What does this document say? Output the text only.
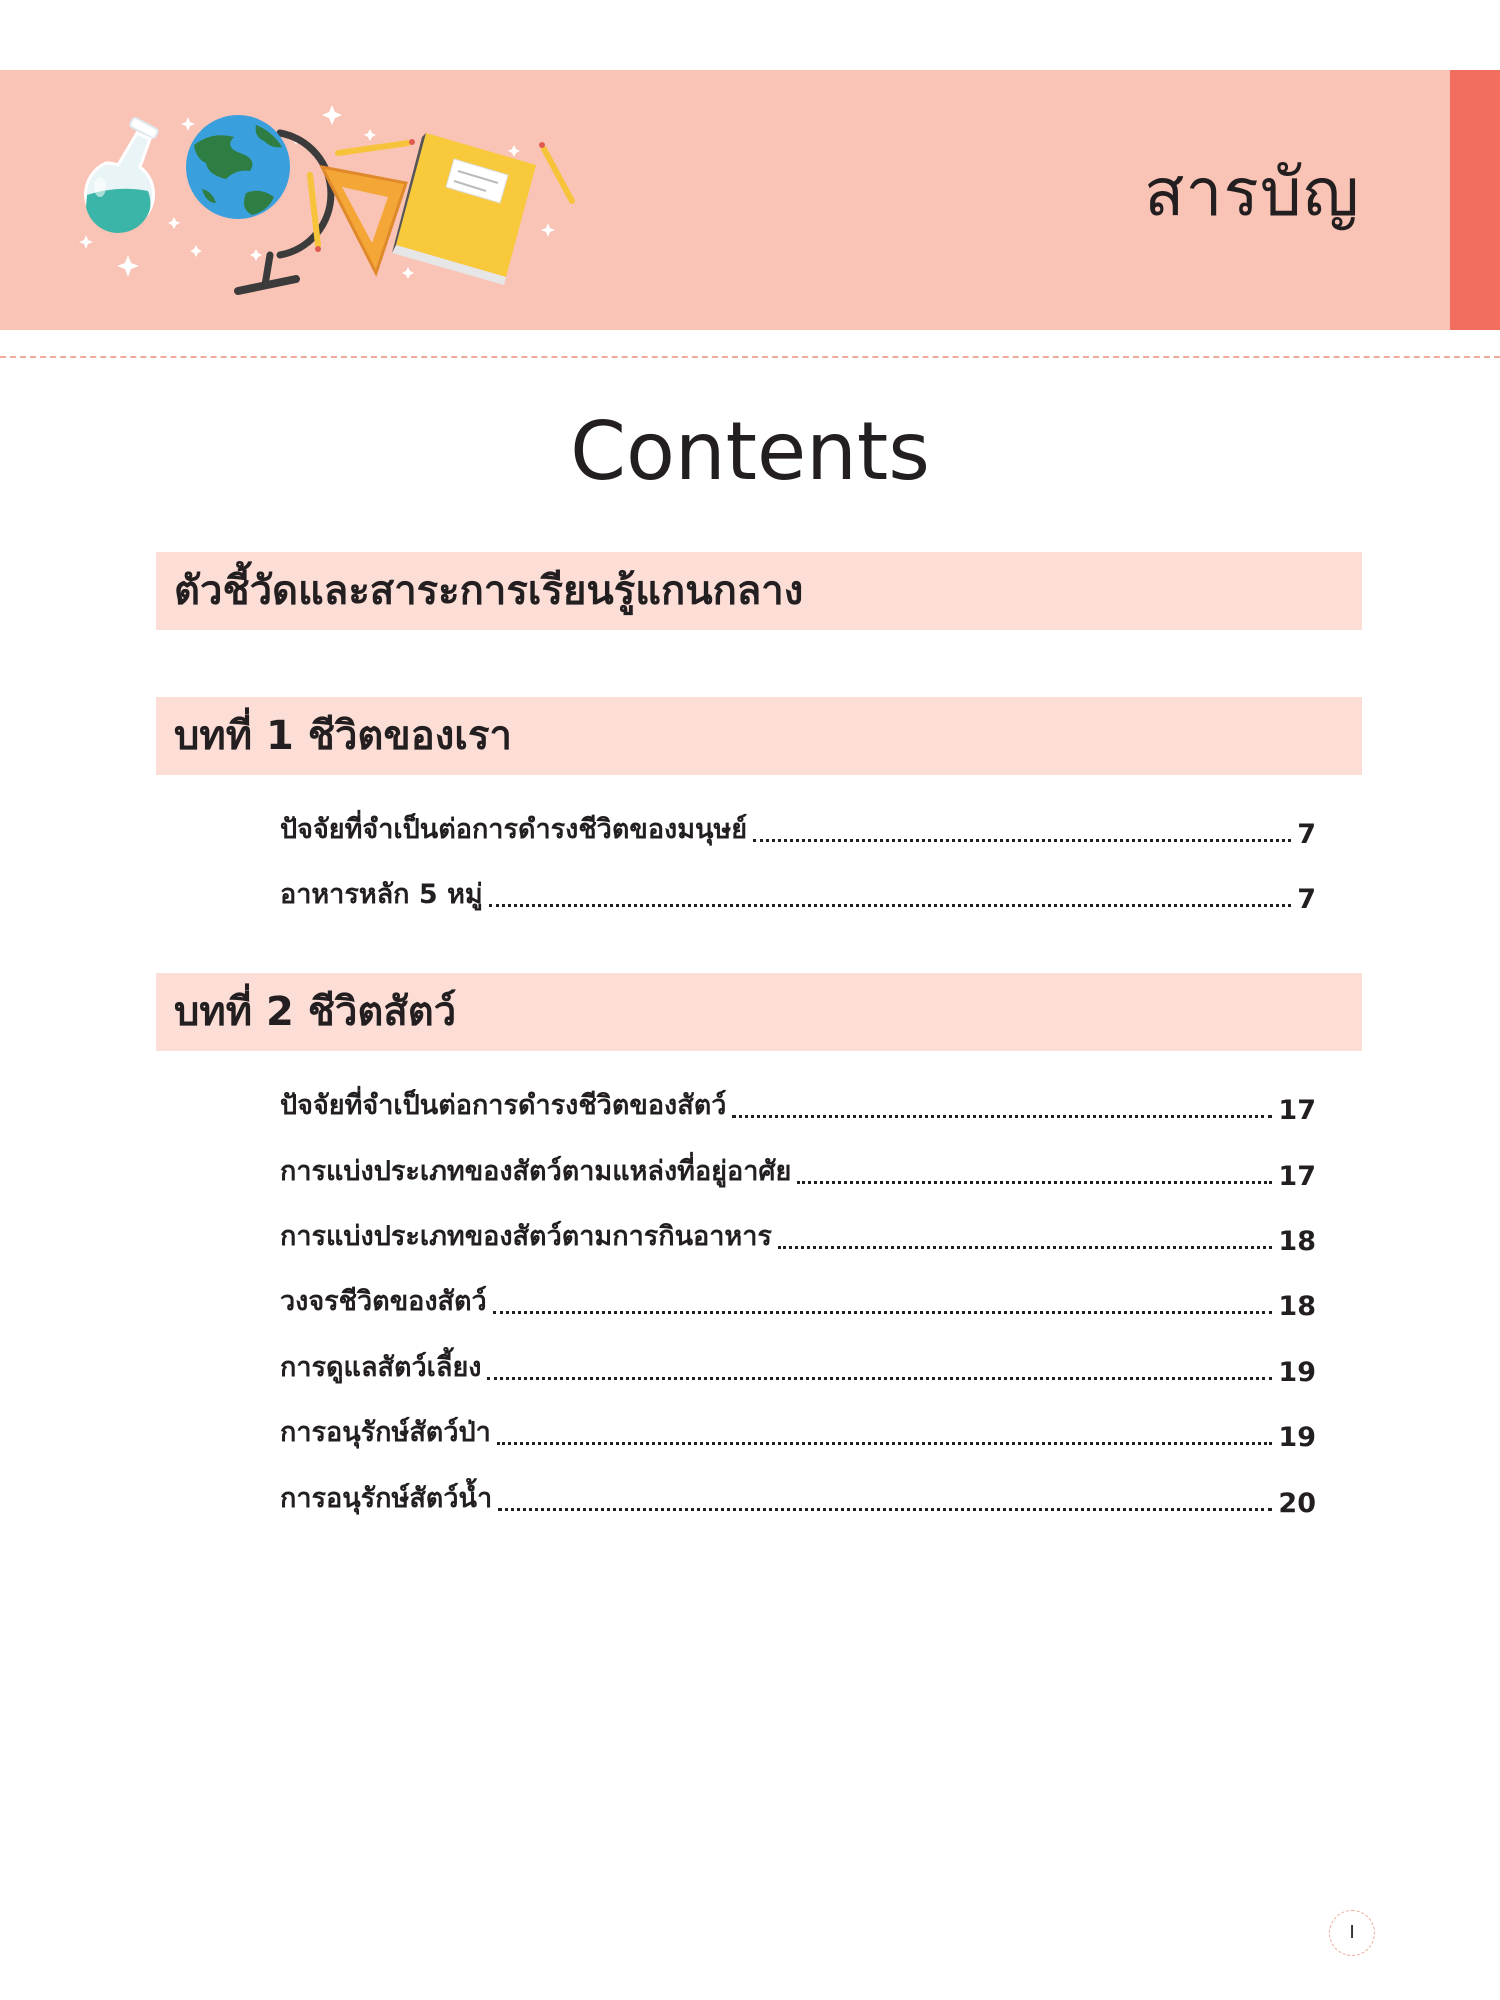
สารบัญ
Contents
ตัวชี้วัดและสาระการเรียนรู้แกนกลาง
บทที่ 1 ชีวิตของเรา
ปัจจัยที่จำเป็นต่อการดำรงชีวิตของมนุษย์	7
อาหารหลัก 5 หมู่	7
บทที่ 2 ชีวิตสัตว์
ปัจจัยที่จำเป็นต่อการดำรงชีวิตของสัตว์	17
การแบ่งประเภทของสัตว์ตามแหล่งที่อยู่อาศัย	17
การแบ่งประเภทของสัตว์ตามการกินอาหาร	18
วงจรชีวิตของสัตว์	18
การดูแลสัตว์เลี้ยง	19
การอนุรักษ์สัตว์ป่า	19
การอนุรักษ์สัตว์น้ำ	20
I
